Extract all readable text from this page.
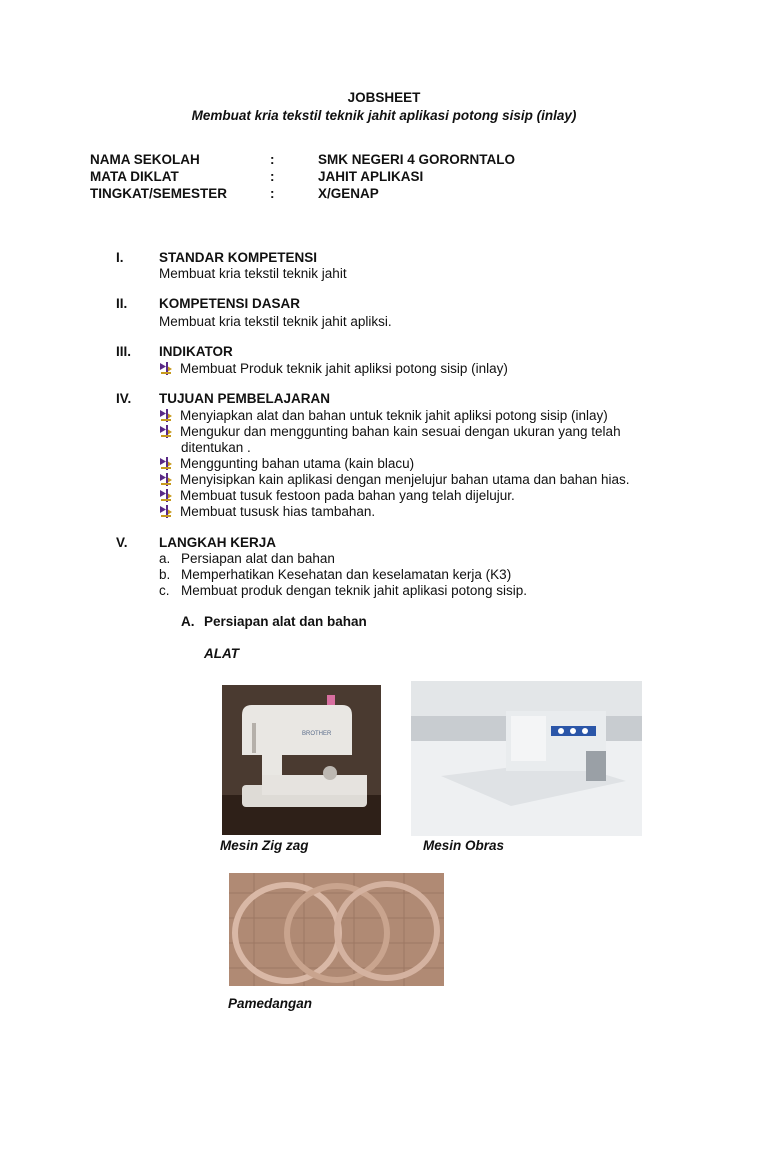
JOBSHEET
Membuat kria tekstil teknik jahit aplikasi potong sisip (inlay)
NAMA SEKOLAH	:	SMK NEGERI 4 GORORNTALO
MATA DIKLAT	:	JAHIT APLIKASI
TINGKAT/SEMESTER	:	X/GENAP
I.	STANDAR KOMPETENSI
Membuat kria tekstil teknik jahit
II. KOMPETENSI DASAR
Membuat kria tekstil teknik jahit apliksi.
III. INDIKATOR
Membuat Produk teknik jahit apliksi potong sisip (inlay)
IV. TUJUAN PEMBELAJARAN
Menyiapkan alat dan bahan untuk teknik jahit apliksi potong sisip (inlay)
Mengukur dan menggunting bahan kain sesuai dengan ukuran yang telah
ditentukan .
Menggunting bahan utama (kain blacu)
Menyisipkan kain aplikasi dengan menjelujur bahan utama dan bahan hias.
Membuat tusuk festoon pada bahan yang telah dijelujur.
Membuat tususk hias tambahan.
V. LANGKAH KERJA
a. Persiapan alat dan bahan
b. Memperhatikan Kesehatan dan keselamatan kerja (K3)
c. Membuat produk dengan teknik jahit aplikasi potong sisip.
A. Persiapan alat dan bahan
ALAT
BROTHER
Mesin Zig zag	Mesin Obras
Pamedangan
